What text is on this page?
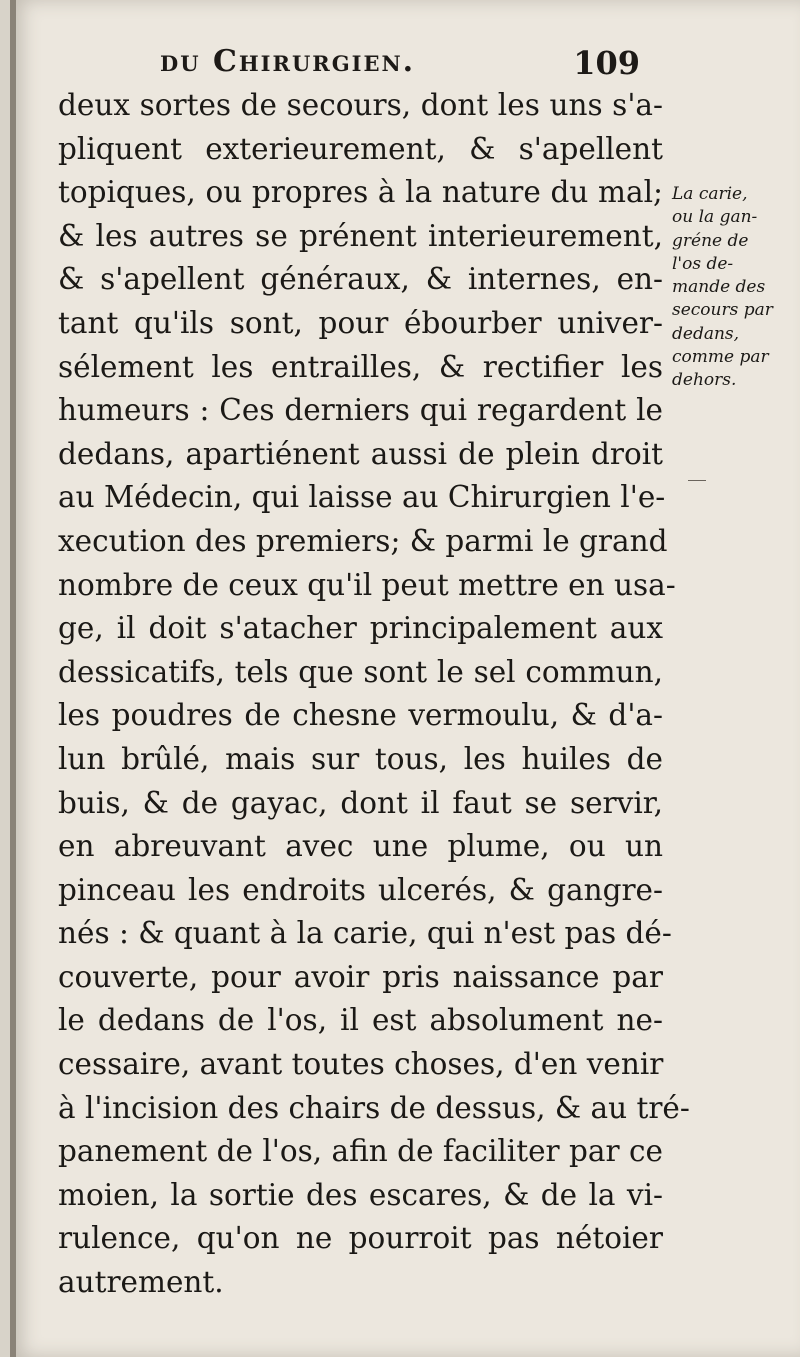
du Chirurgien.	109
deux sortes de secours, dont les uns s'a-
pliquent exterieurement, & s'apellent
topiques, ou propres à la nature du mal;
& les autres se prénent interieurement,
& s'apellent généraux, & internes, en-
tant qu'ils sont, pour ébourber univer-
sélement les entrailles, & rectifier les
humeurs : Ces derniers qui regardent le
dedans, apartiénent aussi de plein droit
au Médecin, qui laisse au Chirurgien l'e-
xecution des premiers; & parmi le grand
nombre de ceux qu'il peut mettre en usa-
ge, il doit s'atacher principalement aux
dessicatifs, tels que sont le sel commun,
les poudres de chesne vermoulu, & d'a-
lun brûlé, mais sur tous, les huiles de
buis, & de gayac, dont il faut se servir,
en abreuvant avec une plume, ou un
pinceau les endroits ulcerés, & gangre-
nés : & quant à la carie, qui n'est pas dé-
couverte, pour avoir pris naissance par
le dedans de l'os, il est absolument ne-
cessaire, avant toutes choses, d'en venir
à l'incision des chairs de dessus, & au tré-
panement de l'os, afin de faciliter par ce
moien, la sortie des escares, & de la vi-
rulence, qu'on ne pourroit pas nétoier
autrement.
La carie,
ou la gan-
gréne de
l'os de-
mande des
secours par
dedans,
comme par
dehors.
